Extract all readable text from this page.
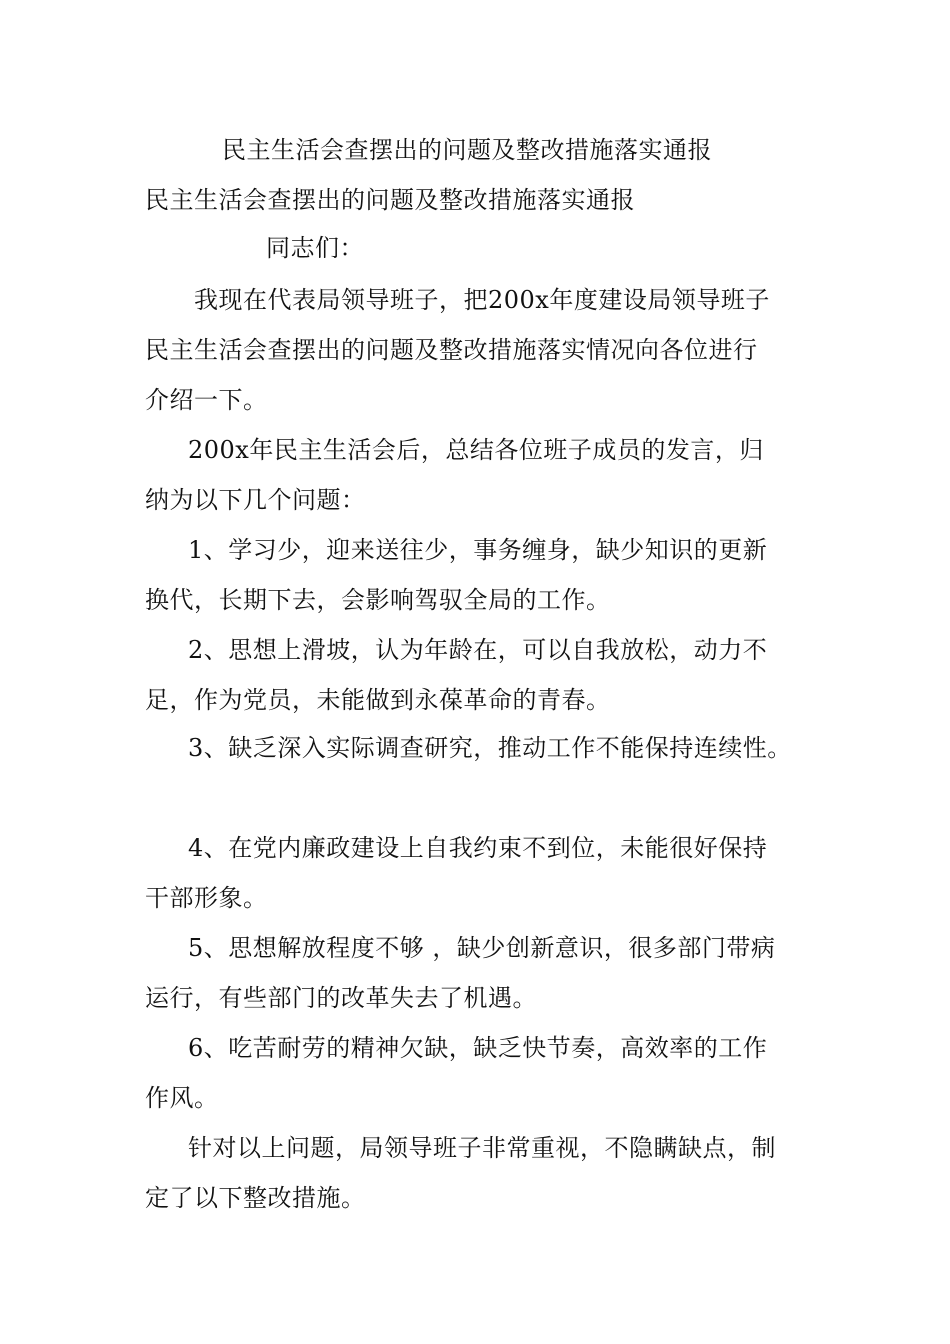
民主生活会查摆出的问题及整改措施落实通报

民主生活会查摆出的问题及整改措施落实通报

同志们：

我现在代表局领导班子，把200x年度建设局领导班子

民主生活会查摆出的问题及整改措施落实情况向各位进行

介绍一下。

200x年民主生活会后，总结各位班子成员的发言，归

纳为以下几个问题：

1、学习少，迎来送往少，事务缠身，缺少知识的更新

换代，长期下去，会影响驾驭全局的工作。

2、思想上滑坡，认为年龄在，可以自我放松，动力不

足，作为党员，未能做到永葆革命的青春。

3、缺乏深入实际调查研究，推动工作不能保持连续性。

4、在党内廉政建设上自我约束不到位，未能很好保持

干部形象。

5、思想解放程度不够 ，缺少创新意识，很多部门带病

运行，有些部门的改革失去了机遇。

6、吃苦耐劳的精神欠缺，缺乏快节奏，高效率的工作

作风。

针对以上问题，局领导班子非常重视，不隐瞒缺点，制

定了以下整改措施。
